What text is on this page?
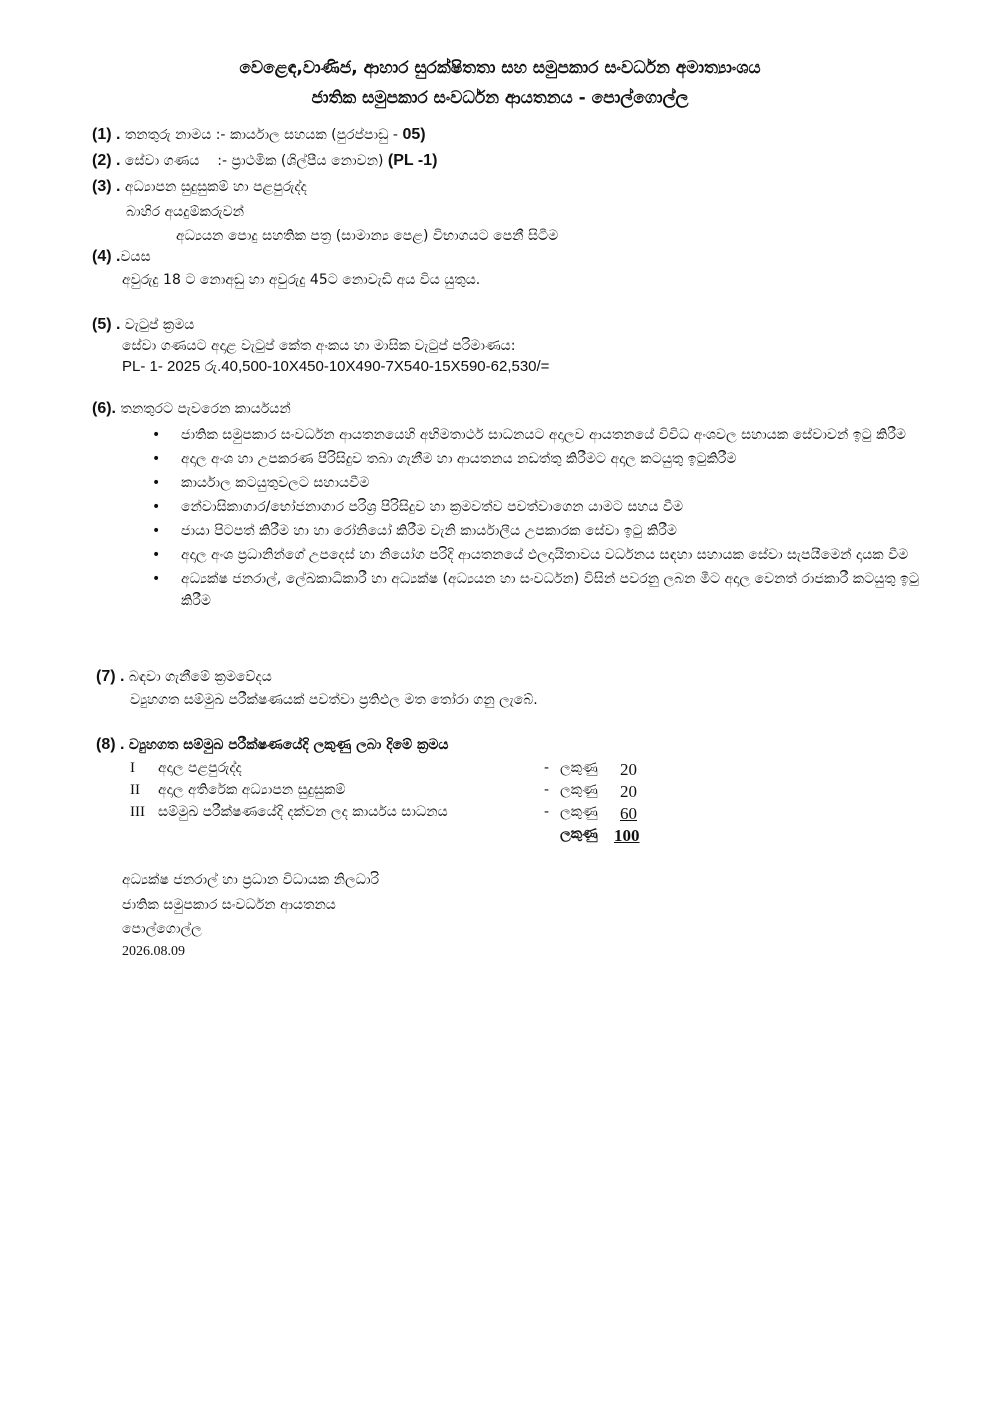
වෙළෙඳ,වාණිජ, ආහාර සුරක්ෂිතතා සහ සමුපකාර සංවර්ධන අමාත්‍යාංශය
ජාතික සමුපකාර සංවර්ධන ආයතනය - පොල්ගොල්ල
(1) . තනතුරු නාමය :- කාර්යාල සහයක (පුරප්පාඩු - 05)
(2) . සේවා ගණය :- ප්‍රාථමික (ශිල්පීය නොවන) (PL -1)
(3) . අධ්‍යාපන සුදුසුකම් හා පළපුරුද්ද
බාහිර අයදුම්කරුවන්
අධ්‍යයන පොදු සහතික පත්‍ර (සාමාන්‍ය පෙළ) විභාගයට පෙනී සිටීම
(4) .වයස
අවුරුදු 18 ට නොඅඩු හා අවුරුදු 45ට නොවැඩි අය විය යුතුය.
(5) . වැටුප් ක්‍රමය
සේවා ගණයට අදාළ වැටුප් කේත අංකය හා මාසික වැටුප් පරිමාණය:
PL- 1- 2025 රු.40,500-10X450-10X490-7X540-15X590-62,530/=
(6). තනතුරට පැවරෙන කාර්යයන්
• ජාතික සමුපකාර සංවර්ධන ආයතනයෙහි අභිමතාර්ථ සාධනයට අදාලව ආයතනයේ විවිධ අංශවල සහායක සේවාවන් ඉටු කිරීම
• අදාල අංශ හා උපකරණ පිරිසිදුව තබා ගැනීම හා ආයතනය නඩත්තු කිරීමට අදාල කටයුතු ඉටුකිරීම
• කාර්යාල කටයුතුවලට සහායවීම
• නේවාසිකාගාර/භෝජනාගාර පරිශ්‍ර පිරිසිදුව හා ක්‍රමවත්ව පවත්වාගෙන යාමට සහය වීම
• ජායා පිටපත් කිරීම හා හා රෝනියෝ කිරීම වැනි කාර්යාලීය උපකාරක සේවා ඉටු කිරීම
• අදාල අංශ ප්‍රධානින්ගේ උපදෙස් හා නියෝග පරිදි ආයතනයේ ඵලදායිතාවය වර්ධනය සඳහා සහායක සේවා සැපයීමෙන් දායක වීම
• අධ්‍යක්ෂ ජනරාල්, ලේඛකාධිකාරී හා අධ්‍යක්ෂ (අධ්‍යයන හා සංවර්ධන) විසින් පවරනු ලබන මීට අදාල වෙනත් රාජකාරී කටයුතු ඉටු කිරීම
(7) . බඳවා ගැනීමේ ක්‍රමවේදය
ව්‍යුහගත සම්මුඛ පරීක්ෂණයක් පවත්වා ප්‍රතිඵල මත තෝරා ගනු ලැබේ.
(8) . ව්‍යුහගත සම්මුඛ පරීක්ෂණයේදි ලකුණු ලබා දිමේ ක්‍රමය
I අදාල පළපුරුද්ද	- ලකුණු 20
II අදාල අතිරේක අධ්‍යාපන සුදුසුකම්	- ලකුණු 20
III සම්මුඛ පරීක්ෂණයේදි දක්වන ලද කාර්යය සාධනය	- ලකුණු 60
ලකුණු 100
අධ්‍යක්ෂ ජනරාල් හා ප්‍රධාන විධායක නිලධාරි
ජාතික සමුපකාර සංවර්ධන ආයතනය
පොල්ගොල්ල
2026.08.09
